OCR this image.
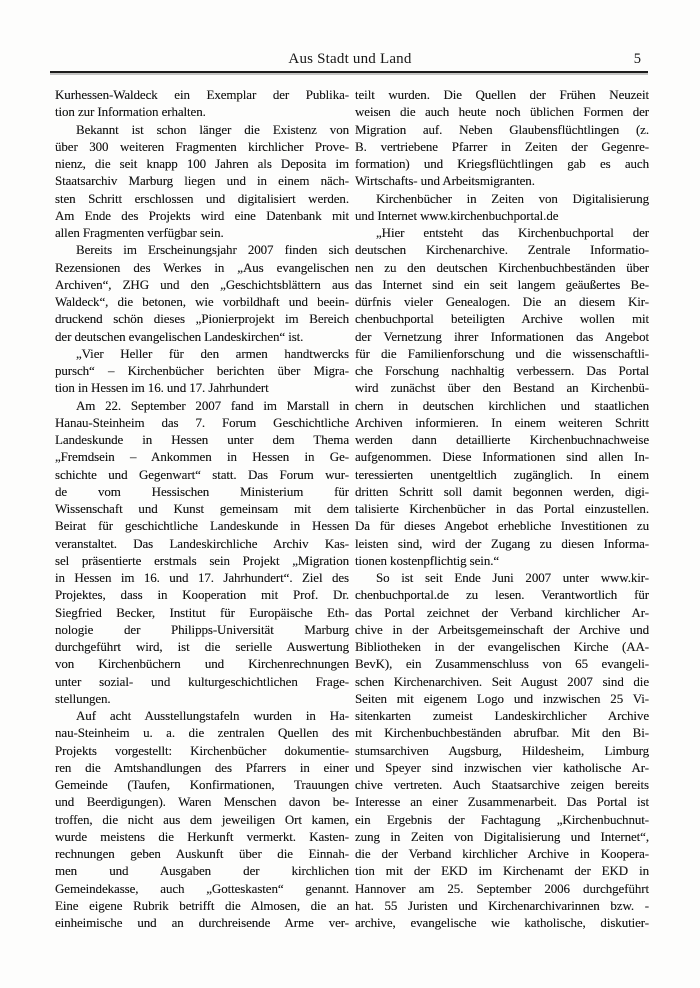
Aus Stadt und Land	5
Kurhessen-Waldeck ein Exemplar der Publika-
tion zur Information erhalten.
Bekannt ist schon länger die Existenz von
über 300 weiteren Fragmenten kirchlicher Prove-
nienz, die seit knapp 100 Jahren als Deposita im
Staatsarchiv Marburg liegen und in einem näch-
sten Schritt erschlossen und digitalisiert werden.
Am Ende des Projekts wird eine Datenbank mit
allen Fragmenten verfügbar sein.
Bereits im Erscheinungsjahr 2007 finden sich
Rezensionen des Werkes in „Aus evangelischen
Archiven“, ZHG und den „Geschichtsblättern aus
Waldeck“, die betonen, wie vorbildhaft und beein-
druckend schön dieses „Pionierprojekt im Bereich
der deutschen evangelischen Landeskirchen“ ist.
„Vier Heller für den armen handtwercks
pursch“ – Kirchenbücher berichten über Migra-
tion in Hessen im 16. und 17. Jahrhundert
Am 22. September 2007 fand im Marstall in
Hanau-Steinheim das 7. Forum Geschichtliche
Landeskunde in Hessen unter dem Thema
„Fremdsein – Ankommen in Hessen in Ge-
schichte und Gegenwart“ statt. Das Forum wur-
de vom Hessischen Ministerium für
Wissenschaft und Kunst gemeinsam mit dem
Beirat für geschichtliche Landeskunde in Hessen
veranstaltet. Das Landeskirchliche Archiv Kas-
sel präsentierte erstmals sein Projekt „Migration
in Hessen im 16. und 17. Jahrhundert“. Ziel des
Projektes, dass in Kooperation mit Prof. Dr.
Siegfried Becker, Institut für Europäische Eth-
nologie der Philipps-Universität Marburg
durchgeführt wird, ist die serielle Auswertung
von Kirchenbüchern und Kirchenrechnungen
unter sozial- und kulturgeschichtlichen Frage-
stellungen.
Auf acht Ausstellungstafeln wurden in Ha-
nau-Steinheim u. a. die zentralen Quellen des
Projekts vorgestellt: Kirchenbücher dokumentie-
ren die Amtshandlungen des Pfarrers in einer
Gemeinde (Taufen, Konfirmationen, Trauungen
und Beerdigungen). Waren Menschen davon be-
troffen, die nicht aus dem jeweiligen Ort kamen,
wurde meistens die Herkunft vermerkt. Kasten-
rechnungen geben Auskunft über die Einnah-
men und Ausgaben der kirchlichen
Gemeindekasse, auch „Gotteskasten“ genannt.
Eine eigene Rubrik betrifft die Almosen, die an
einheimische und an durchreisende Arme ver-
teilt wurden. Die Quellen der Frühen Neuzeit
weisen die auch heute noch üblichen Formen der
Migration auf. Neben Glaubensflüchtlingen (z.
B. vertriebene Pfarrer in Zeiten der Gegenre-
formation) und Kriegsflüchtlingen gab es auch
Wirtschafts- und Arbeitsmigranten.
Kirchenbücher in Zeiten von Digitalisierung
und Internet www.kirchenbuchportal.de
„Hier entsteht das Kirchenbuchportal der
deutschen Kirchenarchive. Zentrale Informatio-
nen zu den deutschen Kirchenbuchbeständen über
das Internet sind ein seit langem geäußertes Be-
dürfnis vieler Genealogen. Die an diesem Kir-
chenbuchportal beteiligten Archive wollen mit
der Vernetzung ihrer Informationen das Angebot
für die Familienforschung und die wissenschaftli-
che Forschung nachhaltig verbessern. Das Portal
wird zunächst über den Bestand an Kirchenbü-
chern in deutschen kirchlichen und staatlichen
Archiven informieren. In einem weiteren Schritt
werden dann detaillierte Kirchenbuchnachweise
aufgenommen. Diese Informationen sind allen In-
teressierten unentgeltlich zugänglich. In einem
dritten Schritt soll damit begonnen werden, digi-
talisierte Kirchenbücher in das Portal einzustellen.
Da für dieses Angebot erhebliche Investitionen zu
leisten sind, wird der Zugang zu diesen Informa-
tionen kostenpflichtig sein.“
So ist seit Ende Juni 2007 unter www.kir-
chenbuchportal.de zu lesen. Verantwortlich für
das Portal zeichnet der Verband kirchlicher Ar-
chive in der Arbeitsgemeinschaft der Archive und
Bibliotheken in der evangelischen Kirche (AA-
BevK), ein Zusammenschluss von 65 evangeli-
schen Kirchenarchiven. Seit August 2007 sind die
Seiten mit eigenem Logo und inzwischen 25 Vi-
sitenkarten zumeist Landeskirchlicher Archive
mit Kirchenbuchbeständen abrufbar. Mit den Bi-
stumsarchiven Augsburg, Hildesheim, Limburg
und Speyer sind inzwischen vier katholische Ar-
chive vertreten. Auch Staatsarchive zeigen bereits
Interesse an einer Zusammenarbeit. Das Portal ist
ein Ergebnis der Fachtagung „Kirchenbuchnut-
zung in Zeiten von Digitalisierung und Internet“,
die der Verband kirchlicher Archive in Koopera-
tion mit der EKD im Kirchenamt der EKD in
Hannover am 25. September 2006 durchgeführt
hat. 55 Juristen und Kirchenarchivarinnen bzw. -
archive, evangelische wie katholische, diskutier-
